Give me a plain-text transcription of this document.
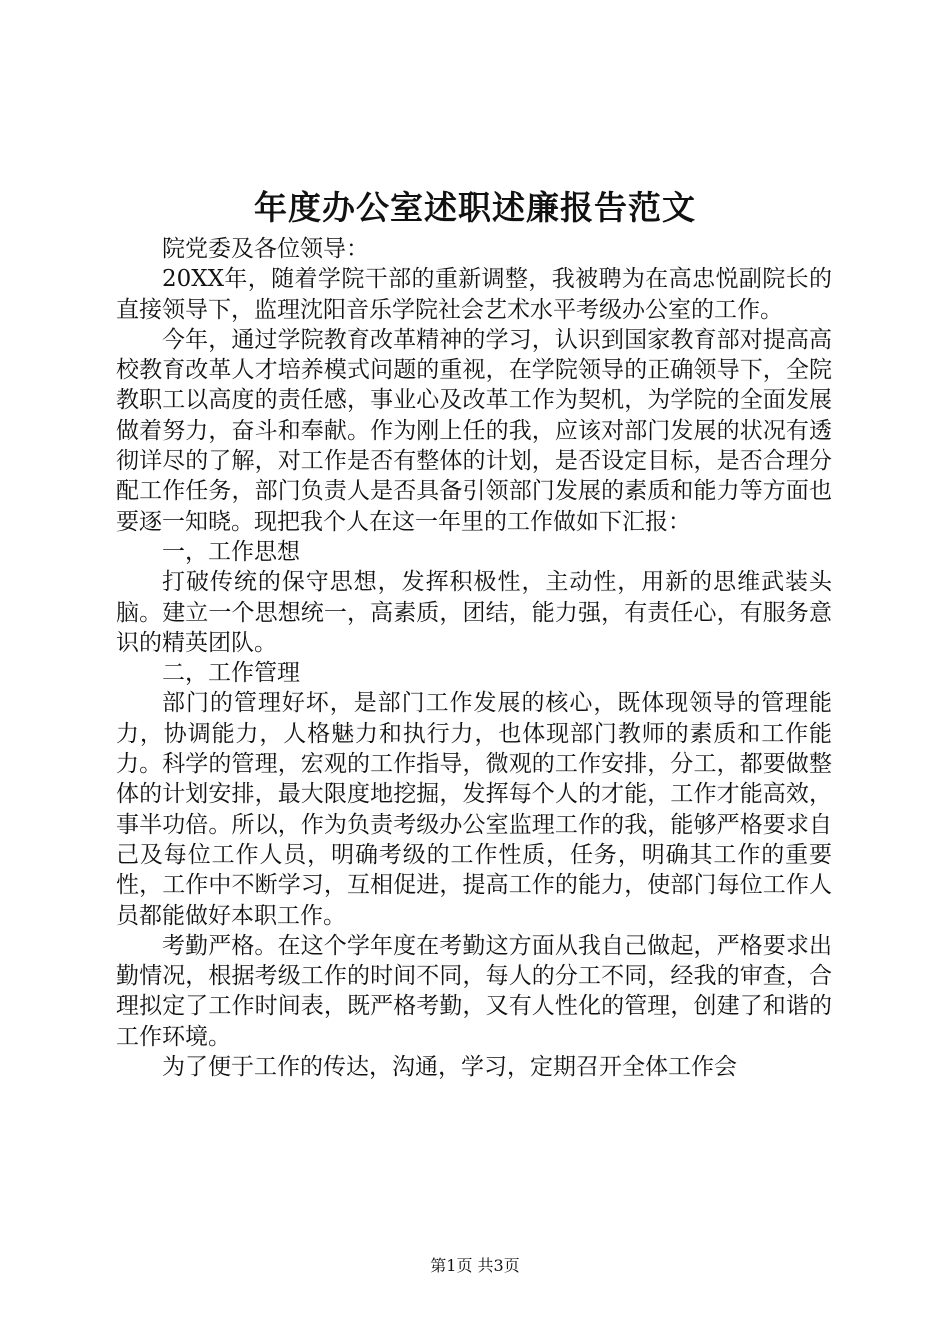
年度办公室述职述廉报告范文

院党委及各位领导：

20XX年，随着学院干部的重新调整，我被聘为在高忠悦副院长的直接领导下，监理沈阳音乐学院社会艺术水平考级办公室的工作。

今年，通过学院教育改革精神的学习，认识到国家教育部对提高高校教育改革人才培养模式问题的重视，在学院领导的正确领导下，全院教职工以高度的责任感，事业心及改革工作为契机，为学院的全面发展做着努力，奋斗和奉献。作为刚上任的我，应该对部门发展的状况有透彻详尽的了解，对工作是否有整体的计划，是否设定目标，是否合理分配工作任务，部门负责人是否具备引领部门发展的素质和能力等方面也要逐一知晓。现把我个人在这一年里的工作做如下汇报：

一，工作思想

打破传统的保守思想，发挥积极性，主动性，用新的思维武装头脑。建立一个思想统一，高素质，团结，能力强，有责任心，有服务意识的精英团队。

二，工作管理

部门的管理好坏，是部门工作发展的核心，既体现领导的管理能力，协调能力，人格魅力和执行力，也体现部门教师的素质和工作能力。科学的管理，宏观的工作指导，微观的工作安排，分工，都要做整体的计划安排，最大限度地挖掘，发挥每个人的才能，工作才能高效，事半功倍。所以，作为负责考级办公室监理工作的我，能够严格要求自己及每位工作人员，明确考级的工作性质，任务，明确其工作的重要性，工作中不断学习，互相促进，提高工作的能力，使部门每位工作人员都能做好本职工作。

考勤严格。在这个学年度在考勤这方面从我自己做起，严格要求出勤情况，根据考级工作的时间不同，每人的分工不同，经我的审查，合理拟定了工作时间表，既严格考勤，又有人性化的管理，创建了和谐的工作环境。

为了便于工作的传达，沟通，学习，定期召开全体工作会

第1页 共3页
